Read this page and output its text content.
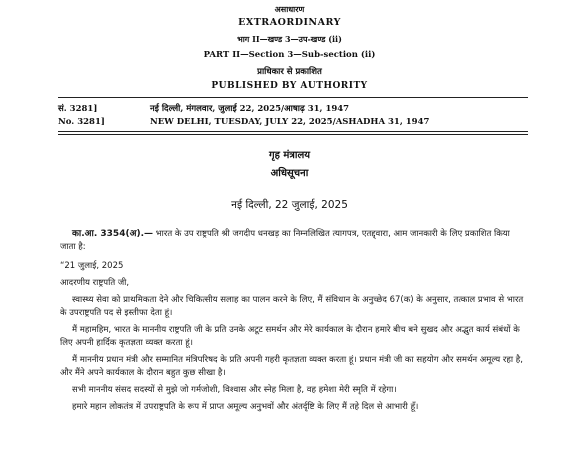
असाधारण
EXTRAORDINARY
भाग II—खण्ड 3—उप-खण्ड (ii)
PART II—Section 3—Sub-section (ii)
प्राधिकार से प्रकाशित
PUBLISHED BY AUTHORITY
सं. 3281]	नई दिल्ली, मंगलवार, जुलाई 22, 2025/आषाढ़ 31, 1947
No. 3281]	NEW DELHI, TUESDAY, JULY 22, 2025/ASHADHA 31, 1947
गृह मंत्रालय
अधिसूचना
नई दिल्ली, 22 जुलाई, 2025

का.आ. 3354(अ).— भारत के उप राष्ट्रपति श्री जगदीप धनखड़ का निम्नलिखित त्यागपत्र, एतद्द्वारा, आम जानकारी के लिए प्रकाशित किया जाता है:

“21 जुलाई, 2025

आदरणीय राष्ट्रपति जी,

स्वास्थ्य सेवा को प्राथमिकता देने और चिकित्सीय सलाह का पालन करने के लिए, मैं संविधान के अनुच्छेद 67(क) के अनुसार, तत्काल प्रभाव से भारत के उपराष्ट्रपति पद से इस्तीफा देता हूं।

मैं महामहिम, भारत के माननीय राष्ट्रपति जी के प्रति उनके अटूट समर्थन और मेरे कार्यकाल के दौरान हमारे बीच बने सुखद और अद्भुत कार्य संबंधों के लिए अपनी हार्दिक कृतज्ञता व्यक्त करता हूं।

मैं माननीय प्रधान मंत्री और सम्मानित मंत्रिपरिषद के प्रति अपनी गहरी कृतज्ञता व्यक्त करता हूं। प्रधान मंत्री जी का सहयोग और समर्थन अमूल्य रहा है, और मैंने अपने कार्यकाल के दौरान बहुत कुछ सीखा है।

सभी माननीय संसद सदस्यों से मुझे जो गर्मजोशी, विश्वास और स्नेह मिला है, वह हमेशा मेरी स्मृति में रहेगा।

हमारे महान लोकतंत्र में उपराष्ट्रपति के रूप में प्राप्त अमूल्य अनुभवों और अंतर्दृष्टि के लिए मैं तहे दिल से आभारी हूँ।
